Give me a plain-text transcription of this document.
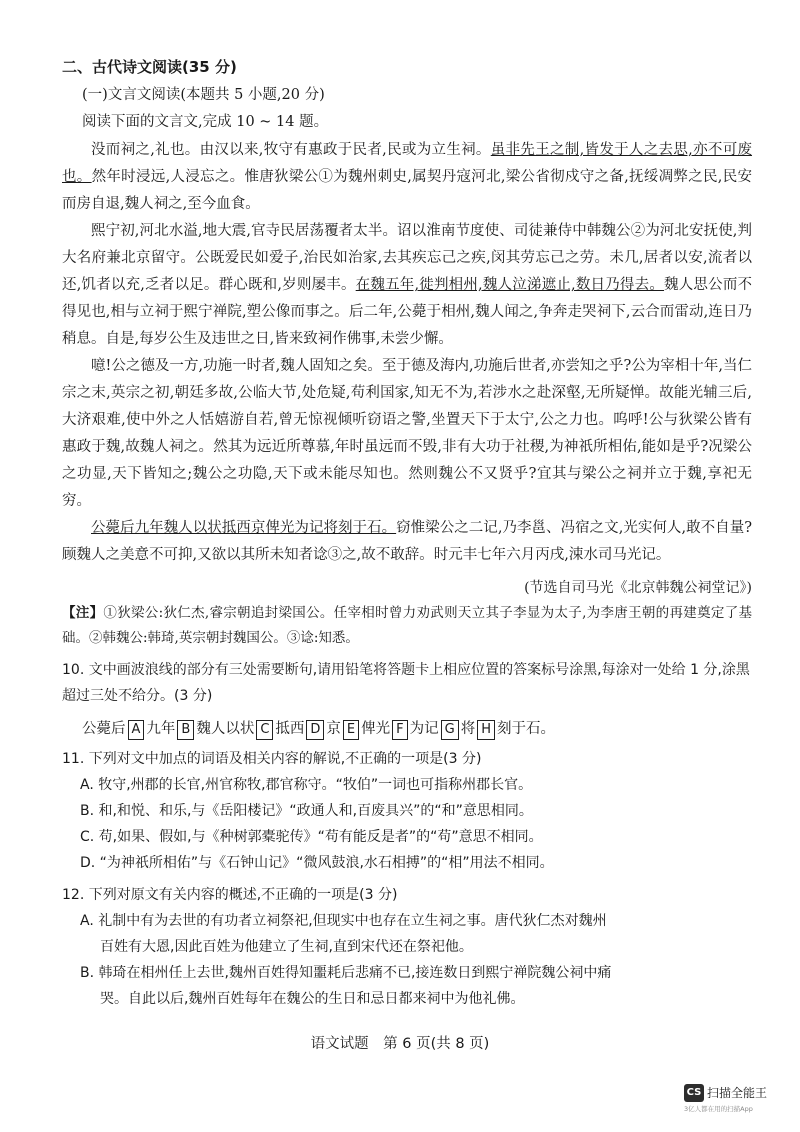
二、古代诗文阅读(35 分)
(一)文言文阅读(本题共 5 小题,20 分)
阅读下面的文言文,完成 10 ~ 14 题。

没而祠之,礼也。由汉以来,牧守有惠政于民者,民或为立生祠。虽非先王之制,皆发于人之去思,亦不可废也。然年时浸远,人浸忘之。惟唐狄梁公①为魏州刺史,属契丹寇河北,梁公省彻戍守之备,抚绥凋弊之民,民安而房自退,魏人祠之,至今血食。

熙宁初,河北水溢,地大震,官寺民居荡覆者太半。诏以淮南节度使、司徒兼侍中韩魏公②为河北安抚使,判大名府兼北京留守。公既爱民如爱子,治民如治家,去其疾忘己之疾,闵其劳忘己之劳。未几,居者以安,流者以还,饥者以充,乏者以足。群心既和,岁则屡丰。在魏五年,徙判相州,魏人泣涕遮止,数日乃得去。魏人思公而不得见也,相与立祠于熙宁禅院,塑公像而事之。后二年,公薨于相州,魏人闻之,争奔走哭祠下,云合而雷动,连日乃稍息。自是,每岁公生及违世之日,皆来致祠作佛事,未尝少懈。

噫!公之德及一方,功施一时者,魏人固知之矣。至于德及海内,功施后世者,亦尝知之乎?公为宰相十年,当仁宗之末,英宗之初,朝廷多故,公临大节,处危疑,苟利国家,知无不为,若涉水之赴深壑,无所疑惮。故能光辅三后,大济艰难,使中外之人恬嬉游自若,曾无惊视倾听窃语之警,坐置天下于太宁,公之力也。呜呼!公与狄梁公皆有惠政于魏,故魏人祠之。然其为远近所尊慕,年时虽远而不毁,非有大功于社稷,为神祇所相佑,能如是乎?况梁公之功显,天下皆知之;魏公之功隐,天下或未能尽知也。然则魏公不又贤乎?宜其与梁公之祠并立于魏,享祀无穷。

公薨后九年魏人以状抵西京俾光为记将刻于石。窃惟梁公之二记,乃李邕、冯宿之文,光实何人,敢不自量?顾魏人之美意不可抑,又欲以其所未知者谂③之,故不敢辞。时元丰七年六月丙戌,涑水司马光记。

(节选自司马光《北京韩魏公祠堂记》)

【注】①狄梁公:狄仁杰,睿宗朝追封梁国公。任宰相时曾力劝武则天立其子李显为太子,为李唐王朝的再建奠定了基础。②韩魏公:韩琦,英宗朝封魏国公。③谂:知悉。

10. 文中画波浪线的部分有三处需要断句,请用铅笔将答题卡上相应位置的答案标号涂黑,每涂对一处给 1 分,涂黑超过三处不给分。(3 分)

公薨后 A 九年 B 魏人以状 C 抵西 D 京 E 俾光 F 为记 G 将 H 刻于石。

11. 下列对文中加点的词语及相关内容的解说,不正确的一项是(3 分)

A. 牧守,州郡的长官,州官称牧,郡官称守。“牧伯”一词也可指称州郡长官。

B. 和,和悦、和乐,与《岳阳楼记》“政通人和,百废具兴”的“和”意思相同。

C. 苟,如果、假如,与《种树郭橐驼传》“苟有能反是者”的“苟”意思不相同。

D. “为神祇所相佑”与《石钟山记》“微风鼓浪,水石相搏”的“相”用法不相同。

12. 下列对原文有关内容的概述,不正确的一项是(3 分)

A. 礼制中有为去世的有功者立祠祭祀,但现实中也存在立生祠之事。唐代狄仁杰对魏州

百姓有大恩,因此百姓为他建立了生祠,直到宋代还在祭祀他。

B. 韩琦在相州任上去世,魏州百姓得知噩耗后悲痛不已,接连数日到熙宁禅院魏公祠中痛

哭。自此以后,魏州百姓每年在魏公的生日和忌日都来祠中为他礼佛。

语文试题　第 6 页(共 8 页)
CS 扫描全能王
3亿人都在用的扫描App
